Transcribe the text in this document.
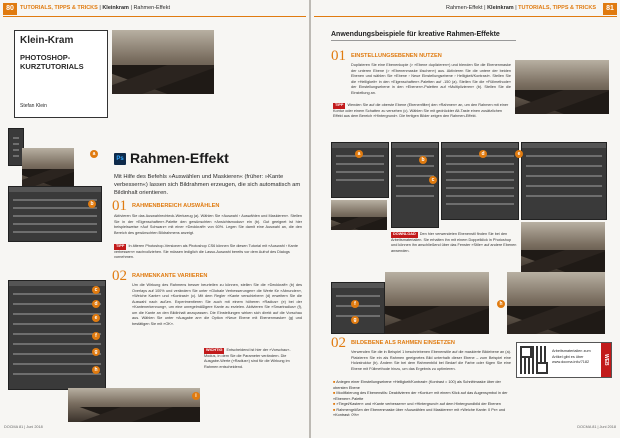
80	TUTORIALS, TIPPS & TRICKS | Kleinkram | Rahmen-Effekt
Klein-Kram
PHOTOSHOP-KURZTUTORIALS
Stefan Klein
Ps Rahmen-Effekt
Mit Hilfe des Befehls »Auswählen und Maskieren« (früher: »Kante verbessern«) lassen sich Bildrahmen erzeugen, die sich automatisch am Bildinhalt orientieren.
a
b
c
d
e
f
g
h
i
01 RAHMENBEREICH AUSWÄHLEN
Aktivieren Sie das Auswahlrechteck-Werkzeug (a). Wählen Sie »Auswahl › Auswählen und Maskieren«. Stellen Sie in der »Eigenschaften«-Palette den gewünschten »Ansichtsmodus« ein (b). Gut geeignet ist hier beispielsweise »Auf Schwarz« mit einer »Deckkraft« von 60%. Legen Sie damit eine Auswahl an, die den Bereich des gewünschten Bildrahmens anzeigt.
TIPP In älteren Photoshop-Versionen als Photoshop CS6 können Sie diesen Tutorial mit »Auswahl › Kante verbessern« nachvollziehen. Sie müssen lediglich die Lasso-Auswahl bereits vor dem Aufruf des Dialogs vornehmen.
02 RAHMENKANTE VARIIEREN
Um die Wirkung des Rahmens besser beurteilen zu können, stellen Sie die »Deckkraft« (b) des Overlays auf 100% und verändern Sie unter »Globale Verbesserungen« die Werte für »Abrunden«, »Weiche Kante« und »Kontrast« (c). Mit dem Regler »Kante verschieben« (d) erweitern Sie die Auswahl nach außen. Experimentieren Sie auch mit einem höheren »Radius« (e) bei der »Kantenerkennung«, um eine unregelmäßigere Kante zu erzielen. Aktivieren Sie »Smartradius« (f), um die Kante an den Bildinhalt anzupassen. Die Einstellungen wirken sich direkt auf die Vorschau aus. Wählen Sie unter »Ausgabe an« die Option »Neue Ebene mit Ebenenmaske« (g) und bestätigen Sie mit »OK«.
WICHTIG Entscheidend ist hier der »Vorschau«-Modus, in dem Sie die Parameter verändern. Die Ausgabe-Werte (»Radius«) sind für die Wirkung im Rahmen entscheidend.
DOCMA 81 | Juni 2018
Rahmen-Effekt | Kleinkram | TUTORIALS, TIPPS & TRICKS	81
Anwendungsbeispiele für kreative Rahmen-Effekte
01 EINSTELLUNGSEBENEN NUTZEN
Duplizieren Sie eine Ebenenkopie (> »Ebene duplizieren«) und blenden Sie die Ebenenmaske der unteren Ebene (> »Ebenenmaske löschen«) aus. Aktivieren Sie die untere der beiden Ebenen und wählen Sie »Ebene › Neue Einstellungsebene › Helligkeit/Kontrast«. Stellen Sie die »Helligkeit« in den »Eigenschaften«-Paletten auf -150 (a). Stellen Sie die »Füllmethode« der Einstellungsebene in den »Ebenen«-Paletten auf »Multiplizieren« (b). Stellen Sie die Einstellung an.
TIPP Wenden Sie auf die oberste Ebene (Ebenenfilter) den »Rahmen« an, um den Rahmen mit einer Kontur oder einem Schatten zu versehen (c). Wählen Sie mit gedrückter Alt-Taste einen zusätzlichen Effekt aus dem Bereich »Hintergrund«. Die fertigen Bilder zeigen den Rahmen-Effekt.
DOWNLOAD Den hier verwendeten Ebenenstil finden Sie bei den Arbeitsmaterialien. Sie erhalten ihn mit einem Doppelklick in Photoshop und können ihn anschließend über das Fenster »Stile« auf andere Ebenen anwenden.
a
b
c
d	e
f
g
h
02 BILDEBENE ALS RAHMEN EINSETZEN
Verwenden Sie die in Beispiel 1 beschriebenen Ebenenstile auf die maskierte Bildebene an (a). Platzieren Sie ein als Rahmen geeignetes Bild unterhalb dieser Ebene – zum Beispiel eine Holzstruktur (b). Ändern Sie bei dem Rahmenbild bei Bedarf die Farbe oder fügen Sie eine Ebene mit Füllmethode hinzu, um das Ergebnis zu optimieren.
■ Anlegen einer Einstellungsebene »Helligkeit/Kontrast« (Kontrast = 100) als Schnittmaske über der obersten Ebene
■ Modifizierung des Ebenenstils: Deaktivieren der »Kontur« mit einem Klick auf das Augensymbol in der »Ebenen«-Palette
■ »Tiegel/Kasten« und »Kante verbessern« und »Hintergrund« auf dem Hintergrundbild der Ebenen
■ Rahmengrößen der Ebenenmaske über »Auswählen und Maskieren« mit »Weiche Kante: 0 Px« und »Kontrast: 0%«
Arbeitsmaterialien zum Artikel gibt es über www.docma.info/7182	WEB
DOCMA 81 | Juni 2018
